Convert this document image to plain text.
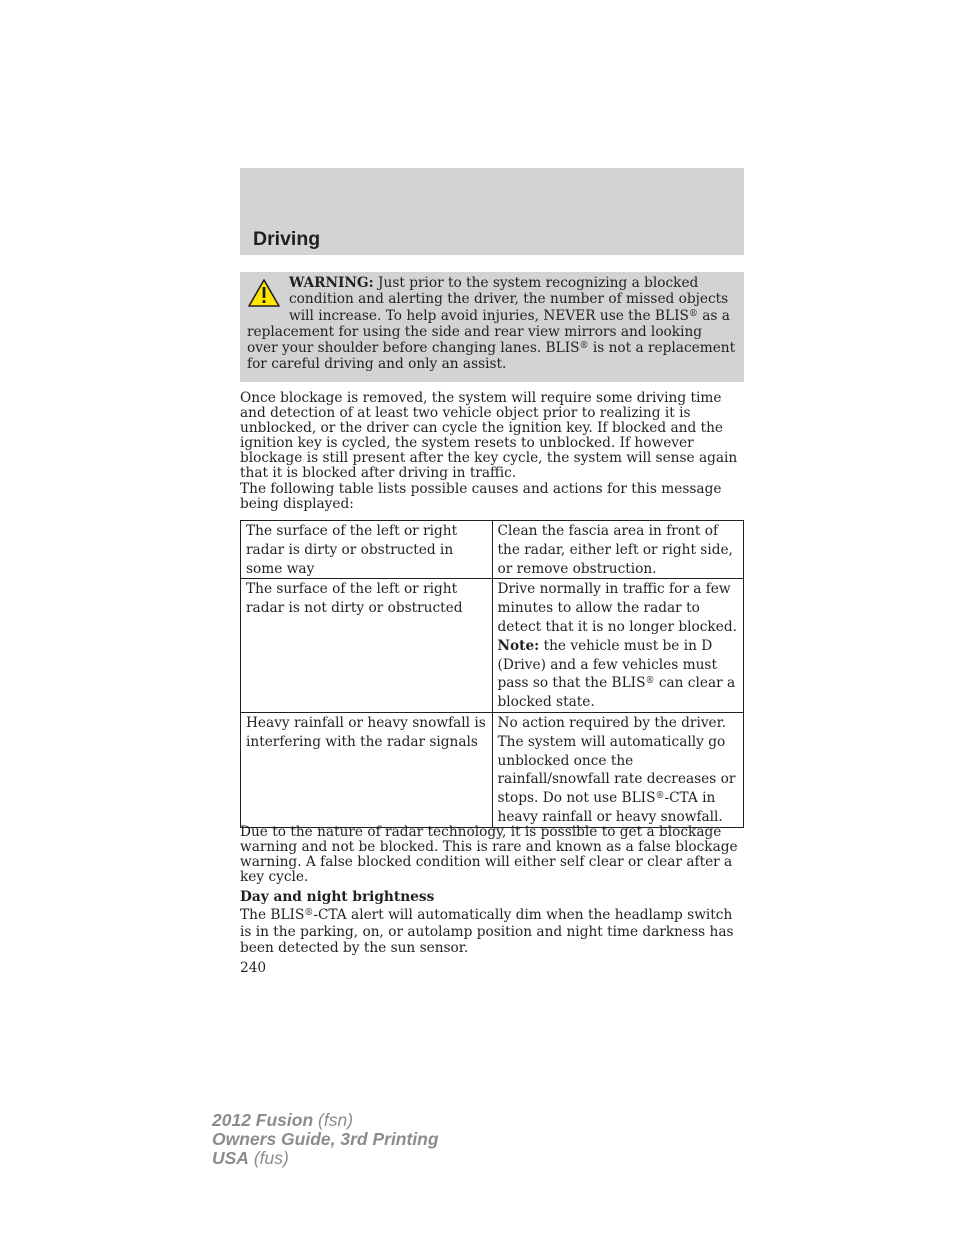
Driving
WARNING: Just prior to the system recognizing a blocked condition and alerting the driver, the number of missed objects will increase. To help avoid injuries, NEVER use the BLIS® as a replacement for using the side and rear view mirrors and looking over your shoulder before changing lanes. BLIS® is not a replacement for careful driving and only an assist.

Once blockage is removed, the system will require some driving time and detection of at least two vehicle object prior to realizing it is unblocked, or the driver can cycle the ignition key. If blocked and the ignition key is cycled, the system resets to unblocked. If however blockage is still present after the key cycle, the system will sense again that it is blocked after driving in traffic.

The following table lists possible causes and actions for this message being displayed:

The surface of the left or right radar is dirty or obstructed in some way	Clean the fascia area in front of the radar, either left or right side, or remove obstruction.
The surface of the left or right radar is not dirty or obstructed	Drive normally in traffic for a few minutes to allow the radar to detect that it is no longer blocked. Note: the vehicle must be in D (Drive) and a few vehicles must pass so that the BLIS® can clear a blocked state.
Heavy rainfall or heavy snowfall is interfering with the radar signals	No action required by the driver. The system will automatically go unblocked once the rainfall/snowfall rate decreases or stops. Do not use BLIS®-CTA in heavy rainfall or heavy snowfall.

Due to the nature of radar technology, it is possible to get a blockage warning and not be blocked. This is rare and known as a false blockage warning. A false blocked condition will either self clear or clear after a key cycle.

Day and night brightness

The BLIS®-CTA alert will automatically dim when the headlamp switch is in the parking, on, or autolamp position and night time darkness has been detected by the sun sensor.

240
2012 Fusion (fsn)
Owners Guide, 3rd Printing
USA (fus)
